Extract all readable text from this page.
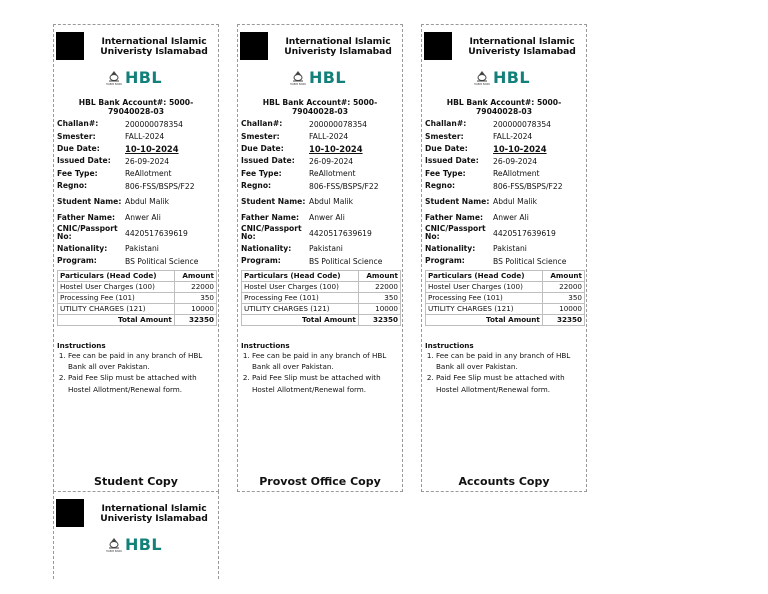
International Islamic Univeristy Islamabad
HABIB BANK HBL
HBL Bank Account#: 5000-79040028-03
Challan#:	200000078354
Smester:	FALL-2024
Due Date:	10-10-2024
Issued Date:	26-09-2024
Fee Type:	ReAllotment
Regno:	806-FSS/BSPS/F22
Student Name: Abdul Malik
Father Name:	Anwer Ali
CNIC/Passport No:	4420517639619
Nationality:	Pakistani
Program:	BS Political Science
Particulars (Head Code)	Amount
Hostel User Charges (100)	22000
Processing Fee (101)	350
UTILITY CHARGES (121)	10000
Total Amount	32350
Instructions
1. Fee can be paid in any branch of HBL Bank all over Pakistan.
2. Paid Fee Slip must be attached with Hostel Allotment/Renewal form.
Student Copy
International Islamic Univeristy Islamabad
HABIB BANK HBL
HBL Bank Account#: 5000-79040028-03
Challan#:	200000078354
Smester:	FALL-2024
Due Date:	10-10-2024
Issued Date:	26-09-2024
Fee Type:	ReAllotment
Regno:	806-FSS/BSPS/F22
Student Name: Abdul Malik
Father Name:	Anwer Ali
CNIC/Passport No:	4420517639619
Nationality:	Pakistani
Program:	BS Political Science
Particulars (Head Code)	Amount
Hostel User Charges (100)	22000
Processing Fee (101)	350
UTILITY CHARGES (121)	10000
Total Amount	32350
Instructions
1. Fee can be paid in any branch of HBL Bank all over Pakistan.
2. Paid Fee Slip must be attached with Hostel Allotment/Renewal form.
Provost Office Copy
International Islamic Univeristy Islamabad
HABIB BANK HBL
HBL Bank Account#: 5000-79040028-03
Challan#:	200000078354
Smester:	FALL-2024
Due Date:	10-10-2024
Issued Date:	26-09-2024
Fee Type:	ReAllotment
Regno:	806-FSS/BSPS/F22
Student Name: Abdul Malik
Father Name:	Anwer Ali
CNIC/Passport No:	4420517639619
Nationality:	Pakistani
Program:	BS Political Science
Particulars (Head Code)	Amount
Hostel User Charges (100)	22000
Processing Fee (101)	350
UTILITY CHARGES (121)	10000
Total Amount	32350
Instructions
1. Fee can be paid in any branch of HBL Bank all over Pakistan.
2. Paid Fee Slip must be attached with Hostel Allotment/Renewal form.
Accounts Copy
International Islamic Univeristy Islamabad
HABIB BANK HBL
